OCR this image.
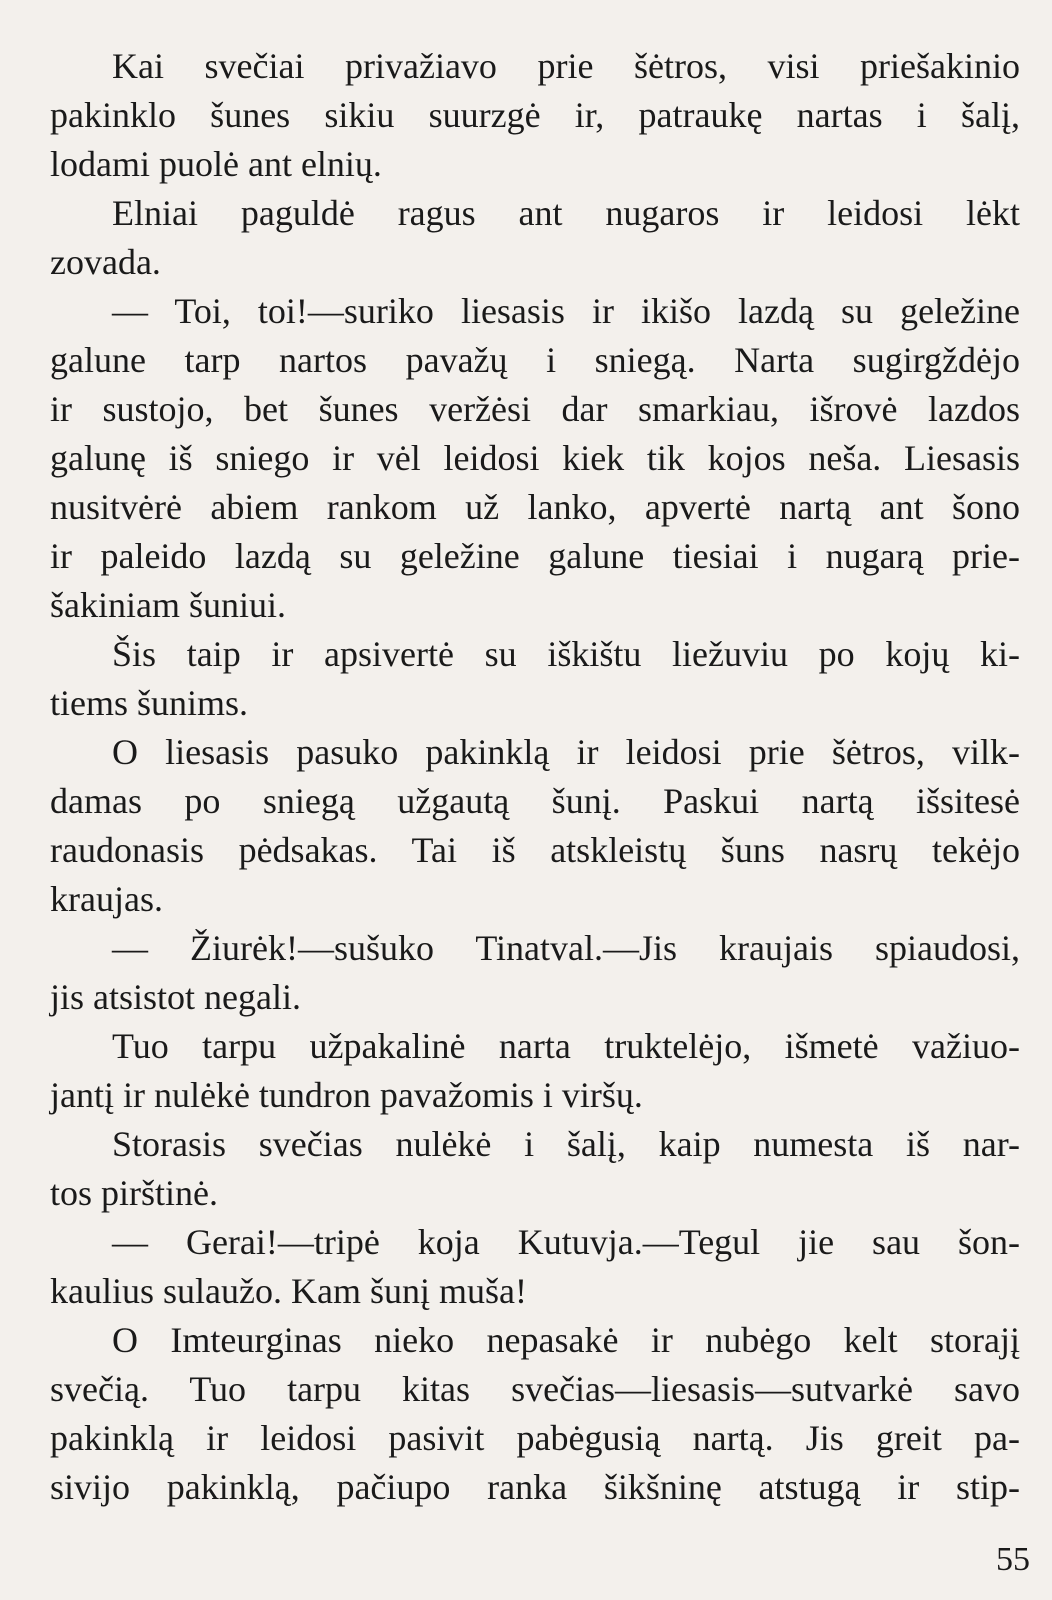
Kai svečiai privažiavo prie šėtros, visi priešakinio
pakinklo šunes sikiu suurzgė ir, patraukę nartas i šalį,
lodami puolė ant elnių.
Elniai paguldė ragus ant nugaros ir leidosi lėkt
zovada.
— Toi, toi!—suriko liesasis ir ikišo lazdą su geležine
galune tarp nartos pavažų i sniegą. Narta sugirgždėjo
ir sustojo, bet šunes veržėsi dar smarkiau, išrovė lazdos
galunę iš sniego ir vėl leidosi kiek tik kojos neša. Liesasis
nusitvėrė abiem rankom už lanko, apvertė nartą ant šono
ir paleido lazdą su geležine galune tiesiai i nugarą prie-
šakiniam šuniui.
Šis taip ir apsivertė su iškištu liežuviu po kojų ki-
tiems šunims.
O liesasis pasuko pakinklą ir leidosi prie šėtros, vilk-
damas po sniegą užgautą šunį. Paskui nartą išsitesė
raudonasis pėdsakas. Tai iš atskleistų šuns nasrų tekėjo
kraujas.
— Žiurėk!—sušuko Tinatval.—Jis kraujais spiaudosi,
jis atsistot negali.
Tuo tarpu užpakalinė narta truktelėjo, išmetė važiuo-
jantį ir nulėkė tundron pavažomis i viršų.
Storasis svečias nulėkė i šalį, kaip numesta iš nar-
tos pirštinė.
— Gerai!—tripė koja Kutuvja.—Tegul jie sau šon-
kaulius sulaužo. Kam šunį muša!
O Imteurginas nieko nepasakė ir nubėgo kelt storajį
svečią. Tuo tarpu kitas svečias—liesasis—sutvarkė savo
pakinklą ir leidosi pasivit pabėgusią nartą. Jis greit pa-
sivijo pakinklą, pačiupo ranka šikšninę atstugą ir stip-
55
